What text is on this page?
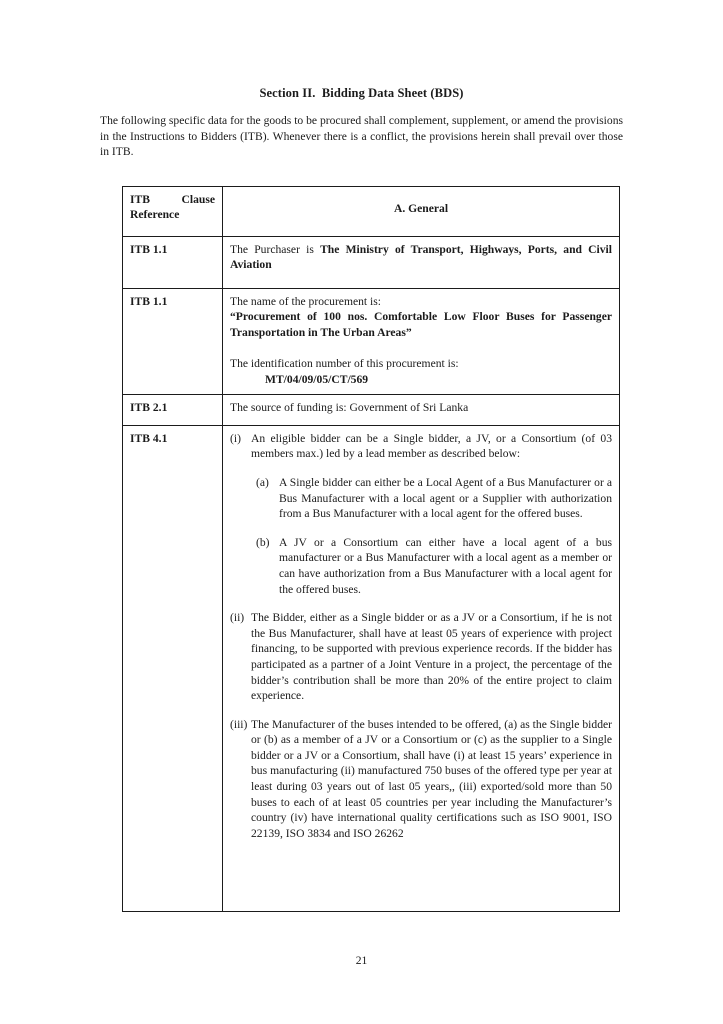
Section II.  Bidding Data Sheet (BDS)

The following specific data for the goods to be procured shall complement, supplement, or amend the provisions in the Instructions to Bidders (ITB). Whenever there is a conflict, the provisions herein shall prevail over those in ITB.

ITB Clause Reference	A. General
ITB 1.1	The Purchaser is The Ministry of Transport, Highways, Ports, and Civil Aviation

ITB 1.1	The name of the procurement is:

“Procurement of 100 nos. Comfortable Low Floor Buses for Passenger Transportation in The Urban Areas”

The identification number of this procurement is:

MT/04/09/05/CT/569

ITB 2.1	The source of funding is: Government of Sri Lanka

ITB 4.1	(i) An eligible bidder can be a Single bidder, a JV, or a Consortium (of 03 members max.) led by a lead member as described below:
(a) A Single bidder can either be a Local Agent of a Bus Manufacturer or a Bus Manufacturer with a local agent or a Supplier with authorization from a Bus Manufacturer with a local agent for the offered buses.
(b) A JV or a Consortium can either have a local agent of a bus manufacturer or a Bus Manufacturer with a local agent as a member or can have authorization from a Bus Manufacturer with a local agent for the offered buses.
(ii) The Bidder, either as a Single bidder or as a JV or a Consortium, if he is not the Bus Manufacturer, shall have at least 05 years of experience with project financing, to be supported with previous experience records. If the bidder has participated as a partner of a Joint Venture in a project, the percentage of the bidder’s contribution shall be more than 20% of the entire project to claim experience.
(iii) The Manufacturer of the buses intended to be offered, (a) as the Single bidder or (b) as a member of a JV or a Consortium or (c) as the supplier to a Single bidder or a JV or a Consortium, shall have (i) at least 15 years’ experience in bus manufacturing (ii) manufactured 750 buses of the offered type per year at least during 03 years out of last 05 years,, (iii) exported/sold more than 50 buses to each of at least 05 countries per year including the Manufacturer’s country (iv) have international quality certifications such as ISO 9001, ISO 22139, ISO 3834 and ISO 26262
21
